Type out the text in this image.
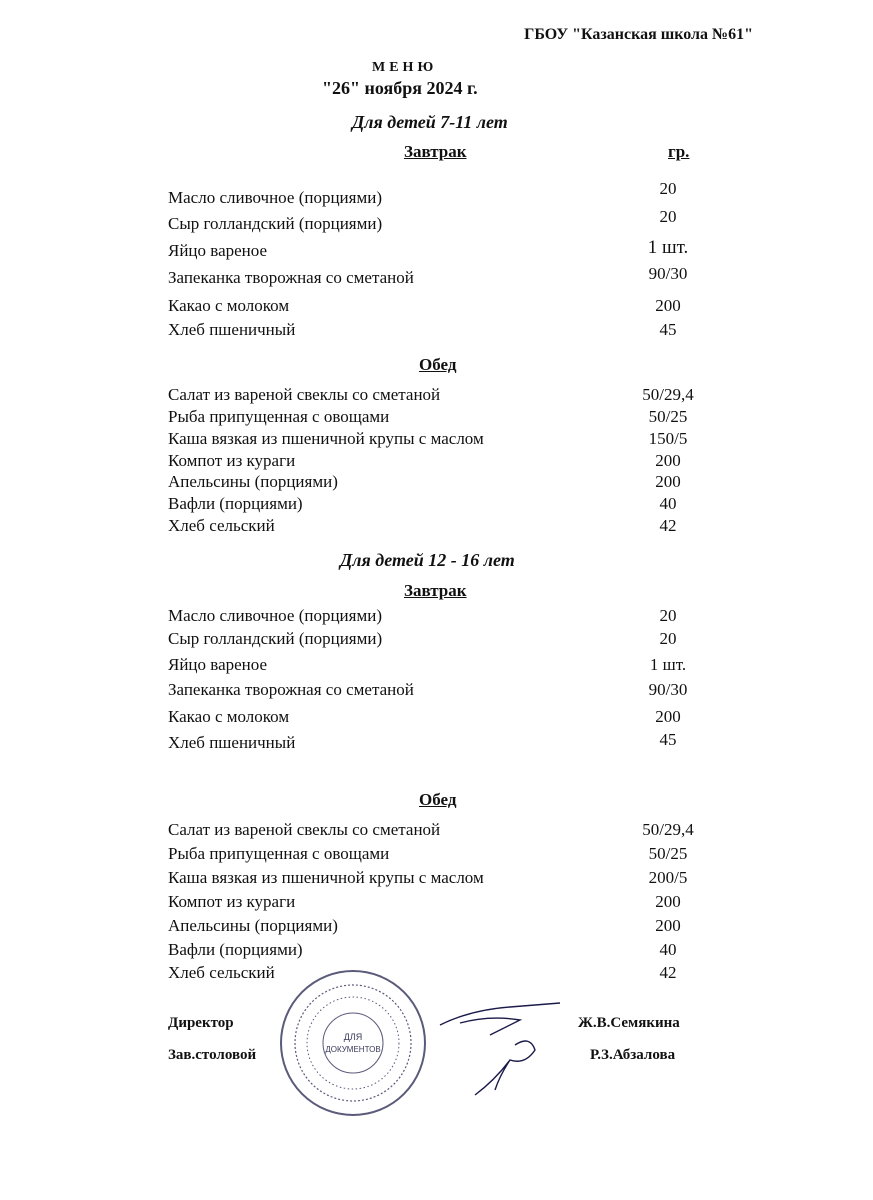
ГБОУ "Казанская школа №61"
МЕНЮ
"26" ноября 2024 г.
Для детей 7-11 лет
Завтрак	гр.
Масло сливочное (порциями)	20
Сыр голландский (порциями)	20
Яйцо вареное	1 шт.
Запеканка творожная со сметаной	90/30
Какао с молоком	200
Хлеб пшеничный	45
Обед
Салат из вареной свеклы со сметаной	50/29,4
Рыба припущенная с овощами	50/25
Каша вязкая из пшеничной крупы с маслом	150/5
Компот из кураги	200
Апельсины (порциями)	200
Вафли (порциями)	40
Хлеб сельский	42
Для детей 12 - 16 лет
Завтрак
Масло сливочное (порциями)	20
Сыр голландский (порциями)	20
Яйцо вареное	1 шт.
Запеканка творожная со сметаной	90/30
Какао с молоком	200
Хлеб пшеничный	45
Обед
Салат из вареной свеклы со сметаной	50/29,4
Рыба припущенная с овощами	50/25
Каша вязкая из пшеничной крупы с маслом	200/5
Компот из кураги	200
Апельсины (порциями)	200
Вафли (порциями)	40
Хлеб сельский	42
Директор	Ж.В.Семякина
Зав.столовой	Р.З.Абзалова
ДЛЯ
ДОКУМЕНТОВ
